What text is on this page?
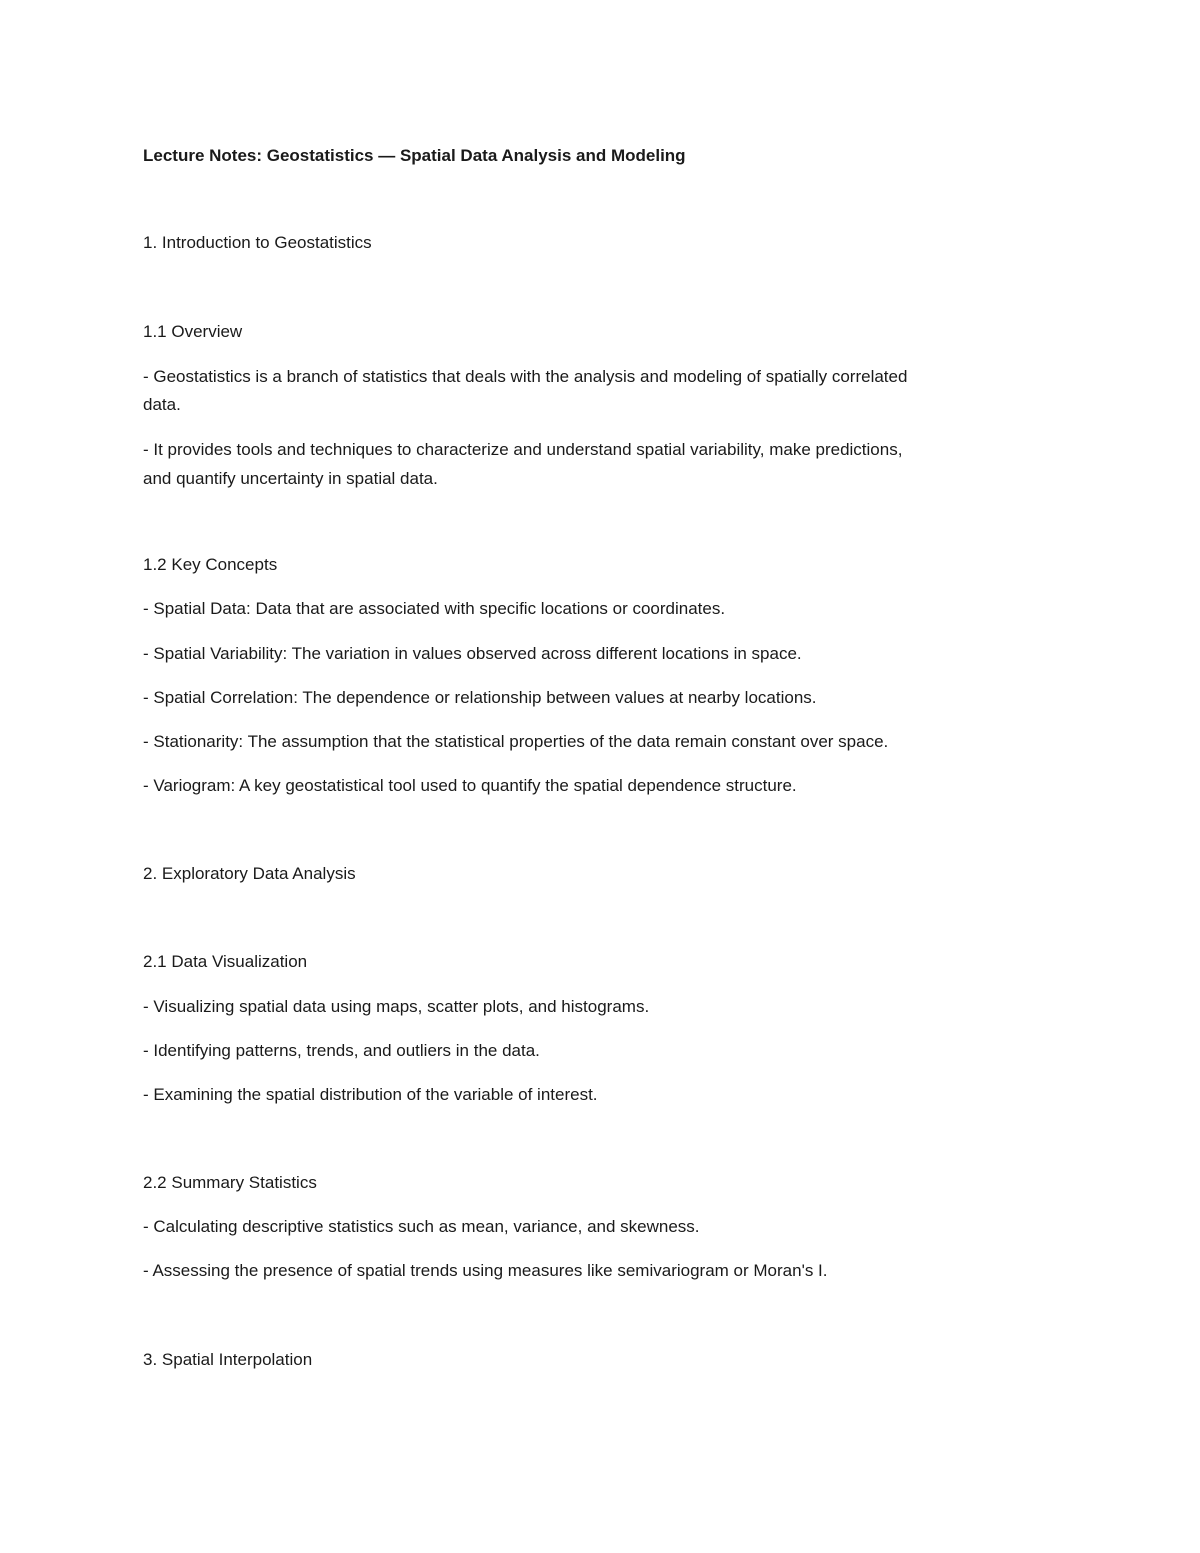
Lecture Notes: Geostatistics — Spatial Data Analysis and Modeling
1. Introduction to Geostatistics
1.1 Overview
- Geostatistics is a branch of statistics that deals with the analysis and modeling of spatially correlated
data.
- It provides tools and techniques to characterize and understand spatial variability, make predictions,
and quantify uncertainty in spatial data.
1.2 Key Concepts
- Spatial Data: Data that are associated with specific locations or coordinates.
- Spatial Variability: The variation in values observed across different locations in space.
- Spatial Correlation: The dependence or relationship between values at nearby locations.
- Stationarity: The assumption that the statistical properties of the data remain constant over space.
- Variogram: A key geostatistical tool used to quantify the spatial dependence structure.
2. Exploratory Data Analysis
2.1 Data Visualization
- Visualizing spatial data using maps, scatter plots, and histograms.
- Identifying patterns, trends, and outliers in the data.
- Examining the spatial distribution of the variable of interest.
2.2 Summary Statistics
- Calculating descriptive statistics such as mean, variance, and skewness.
- Assessing the presence of spatial trends using measures like semivariogram or Moran's I.
3. Spatial Interpolation
